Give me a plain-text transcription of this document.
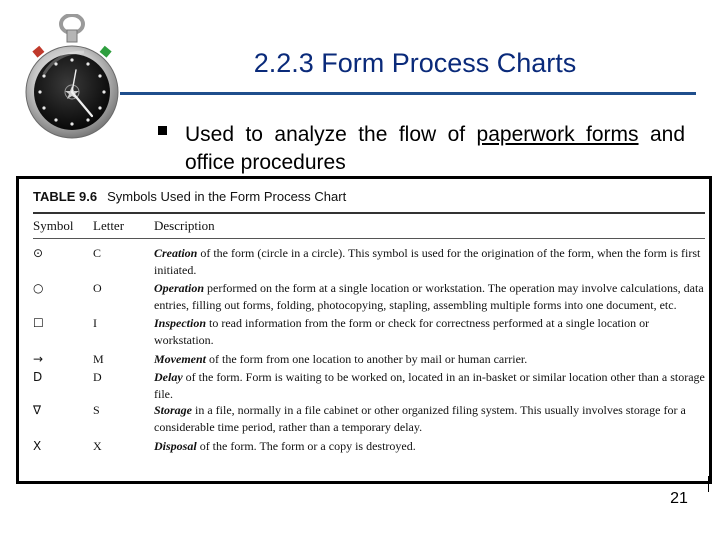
2.2.3 Form Process Charts
Used to analyze the flow of paperwork forms and office procedures
TABLE 9.6 Symbols Used in the Form Process Chart
Symbol	Letter	Description
⊙	C	Creation of the form (circle in a circle). This symbol is used for the origination of the form, when the form is first initiated.
○	O	Operation performed on the form at a single location or workstation. The operation may involve calculations, data entries, filling out forms, folding, photocopying, stapling, assembling multiple forms into one document, etc.
☐	I	Inspection to read information from the form or check for correctness performed at a single location or workstation.
→	M	Movement of the form from one location to another by mail or human carrier.
D	D	Delay of the form. Form is waiting to be worked on, located in an in-basket or similar location other than a storage file.
∇	S	Storage in a file, normally in a file cabinet or other organized filing system. This usually involves storage for a considerable time period, rather than a temporary delay.
X	X	Disposal of the form. The form or a copy is destroyed.
21
